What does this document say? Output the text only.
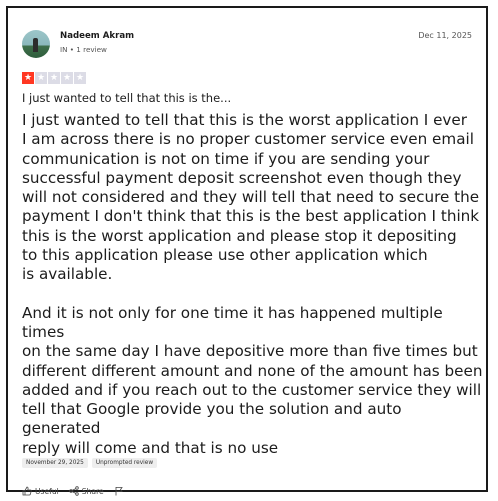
Nadeem Akram
IN • 1 review
Dec 11, 2025
★ ★ ★ ★ ★
I just wanted to tell that this is the...

I just wanted to tell that this is the worst application I ever
I am across there is no proper customer service even email
communication is not on time if you are sending your
successful payment deposit screenshot even though they
will not considered and they will tell that need to secure the
payment I don't think that this is the best application I think
this is the worst application and please stop it depositing
to this application please use other application which
is available.

And it is not only for one time it has happened multiple times
on the same day I have depositive more than five times but
different different amount and none of the amount has been
added and if you reach out to the customer service they will
tell that Google provide you the solution and auto generated
reply will come and that is no use

November 29, 2025	Unprompted review
Useful	Share
